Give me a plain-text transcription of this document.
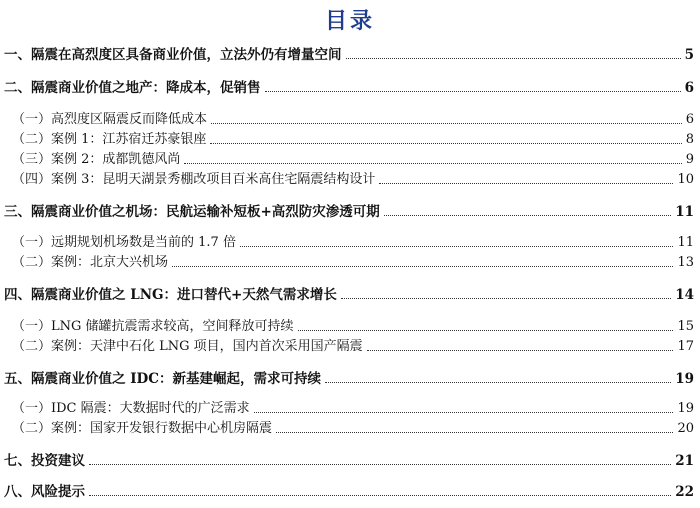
目录
一、隔震在高烈度区具备商业价值，立法外仍有增量空间	5
二、隔震商业价值之地产：降成本，促销售	6
（一）高烈度区隔震反而降低成本	6
（二）案例 1：江苏宿迁苏豪银座	8
（三）案例 2：成都凯德风尚	9
（四）案例 3：昆明天湖景秀棚改项目百米高住宅隔震结构设计	10
三、隔震商业价值之机场：民航运输补短板+高烈防灾渗透可期	11
（一）远期规划机场数是当前的 1.7 倍	11
（二）案例：北京大兴机场	13
四、隔震商业价值之 LNG：进口替代+天然气需求增长	14
（一）LNG 储罐抗震需求较高，空间释放可持续	15
（二）案例：天津中石化 LNG 项目，国内首次采用国产隔震	17
五、隔震商业价值之 IDC：新基建崛起，需求可持续	19
（一）IDC 隔震：大数据时代的广泛需求	19
（二）案例：国家开发银行数据中心机房隔震	20
七、投资建议	21
八、风险提示	22
